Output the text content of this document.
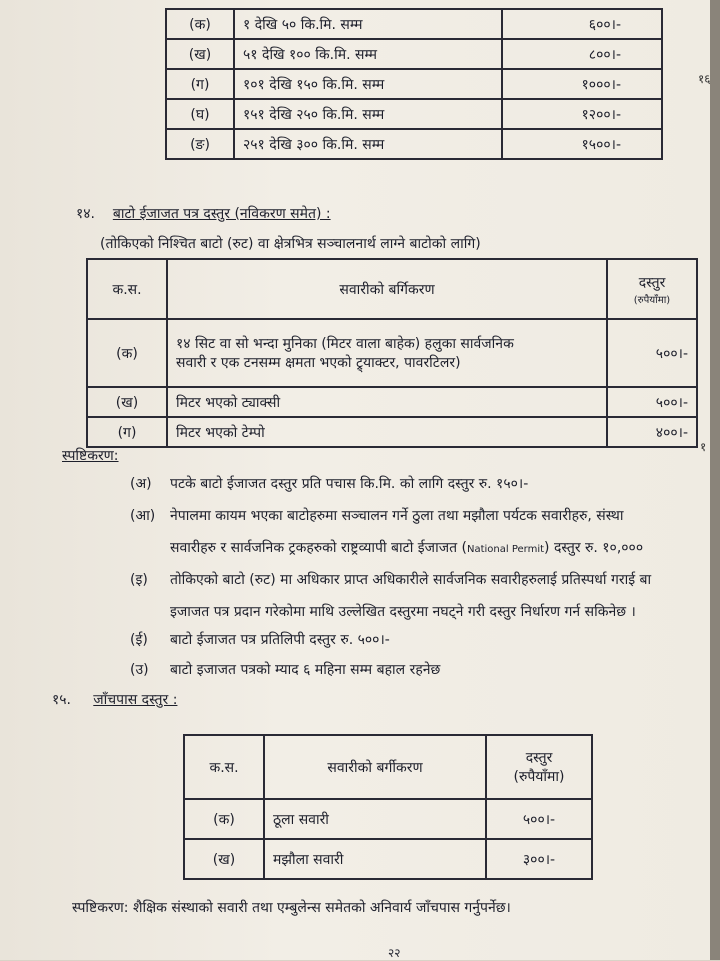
(क)	१ देखि ५० कि.मि. सम्म	६००।-
(ख)	५१ देखि १०० कि.मि. सम्म	८००।-
(ग)	१०१ देखि १५० कि.मि. सम्म	१०००।-
(घ)	१५१ देखि २५० कि.मि. सम्म	१२००।-
(ङ)	२५१ देखि ३०० कि.मि. सम्म	१५००।-
१४. बाटो ईजाजत पत्र दस्तुर (नविकरण समेत) :
(तोकिएको निश्चित बाटो (रुट) वा क्षेत्रभित्र सञ्चालनार्थ लाग्ने बाटोको लागि)
क.स.	सवारीको बर्गिकरण	दस्तुर
(रुपैयाँमा)

(क)	१४ सिट वा सो भन्दा मुनिका (मिटर वाला बाहेक) हलुका सार्वजनिक
सवारी र एक टनसम्म क्षमता भएको ट्र्याक्टर, पावरटिलर)	५००।-
(ख)	मिटर भएको ट्याक्सी	५००।-
(ग)	मिटर भएको टेम्पो	४००।-
स्पष्टिकरण:
(अ) पटके बाटो ईजाजत दस्तुर प्रति पचास कि.मि. को लागि दस्तुर रु. १५०।-
(आ) नेपालमा कायम भएका बाटोहरुमा सञ्चालन गर्ने ठुला तथा मझौला पर्यटक सवारीहरु, संस्था
सवारीहरु र सार्वजनिक ट्रकहरुको राष्ट्रव्यापी बाटो ईजाजत (National Permit) दस्तुर रु. १०,०००
(इ) तोकिएको बाटो (रुट) मा अधिकार प्राप्त अधिकारीले सार्वजनिक सवारीहरुलाई प्रतिस्पर्धा गराई बा
इजाजत पत्र प्रदान गरेकोमा माथि उल्लेखित दस्तुरमा नघट्ने गरी दस्तुर निर्धारण गर्न सकिनेछ ।
(ई) बाटो ईजाजत पत्र प्रतिलिपी दस्तुर रु. ५००।-
(उ) बाटो इजाजत पत्रको म्याद ६ महिना सम्म बहाल रहनेछ
१५. जाँचपास दस्तुर :
क.स.	सवारीको बर्गीकरण	दस्तुर
(रुपैयाँमा)

(क)	ठूला सवारी	५००।-
(ख)	मझौला सवारी	३००।-
स्पष्टिकरण: शैक्षिक संस्थाको सवारी तथा एम्बुलेन्स समेतको अनिवार्य जाँचपास गर्नुपर्नेछ।
१६
१
२२
